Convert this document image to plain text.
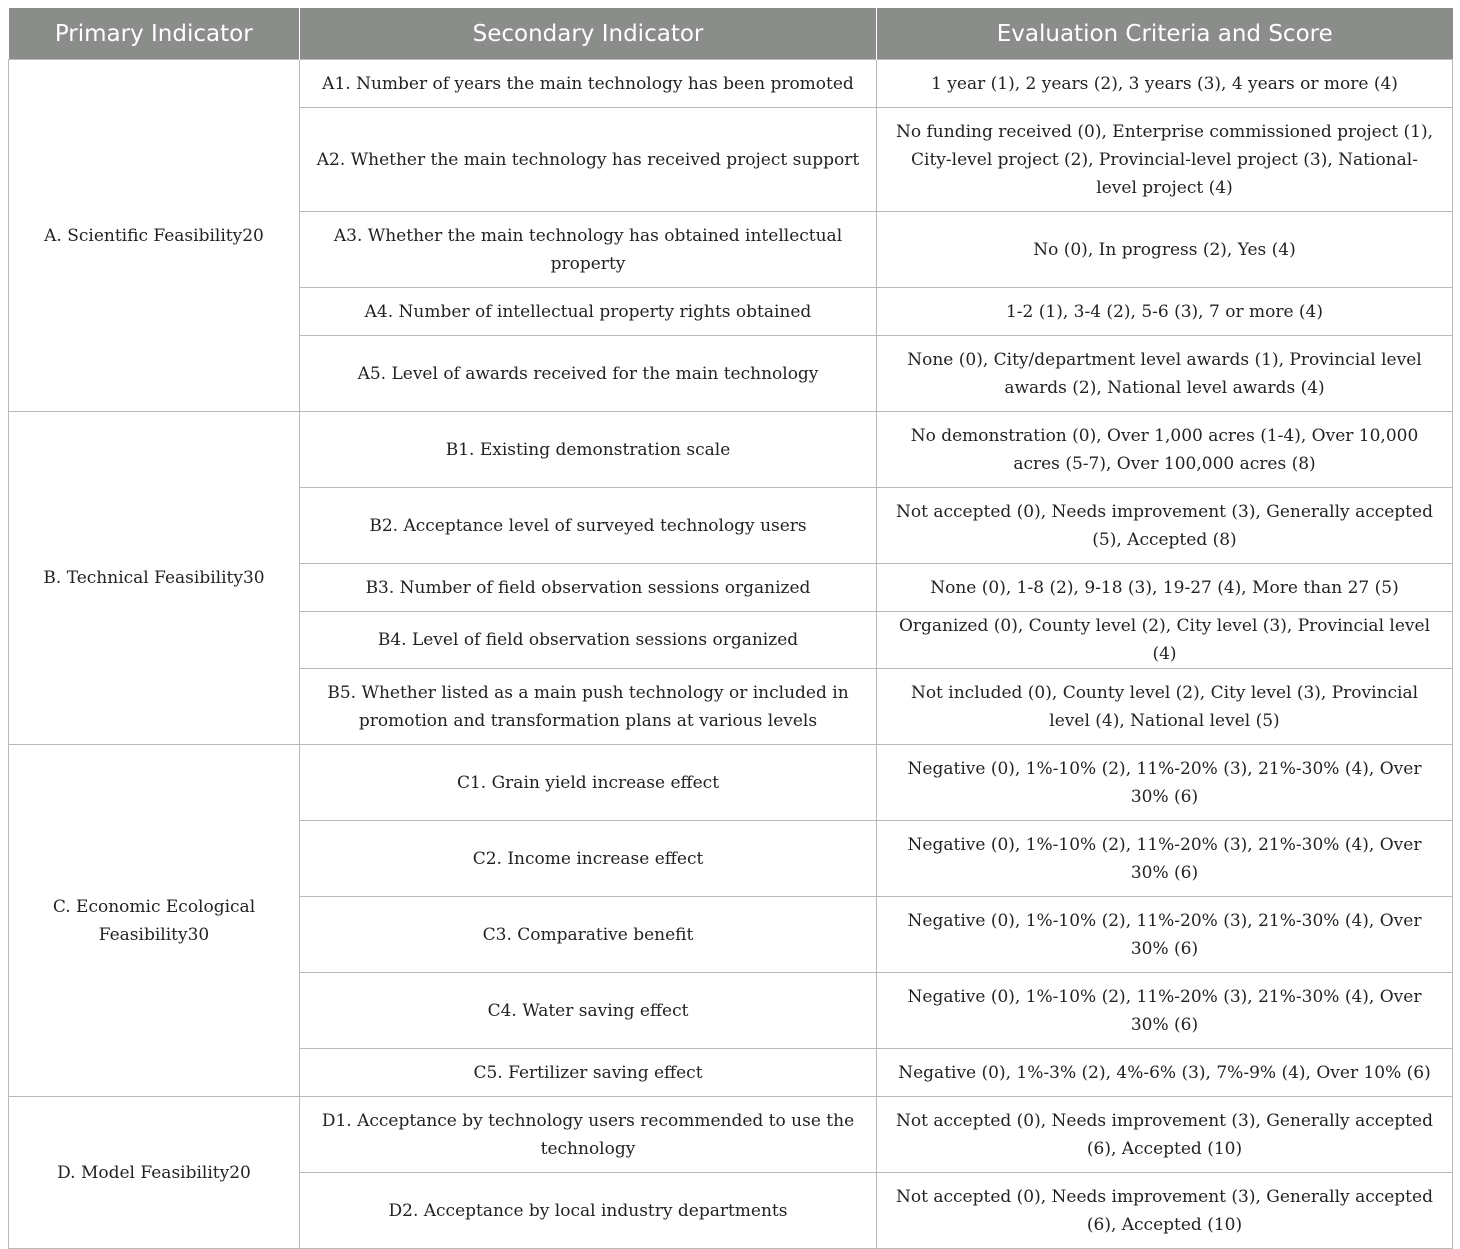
Primary Indicator	Secondary Indicator	Evaluation Criteria and Score
A. Scientific Feasibility20	A1. Number of years the main technology has been promoted	1 year (1), 2 years (2), 3 years (3), 4 years or more (4)
	A2. Whether the main technology has received project support	No funding received (0), Enterprise commissioned project (1), City-level project (2), Provincial-level project (3), National-level project (4)
	A3. Whether the main technology has obtained intellectual property	No (0), In progress (2), Yes (4)
	A4. Number of intellectual property rights obtained	1-2 (1), 3-4 (2), 5-6 (3), 7 or more (4)
	A5. Level of awards received for the main technology	None (0), City/department level awards (1), Provincial level awards (2), National level awards (4)
B. Technical Feasibility30	B1. Existing demonstration scale	No demonstration (0), Over 1,000 acres (1-4), Over 10,000 acres (5-7), Over 100,000 acres (8)
	B2. Acceptance level of surveyed technology users	Not accepted (0), Needs improvement (3), Generally accepted (5), Accepted (8)
	B3. Number of field observation sessions organized	None (0), 1-8 (2), 9-18 (3), 19-27 (4), More than 27 (5)
	B4. Level of field observation sessions organized	Organized (0), County level (2), City level (3), Provincial level (4)
	B5. Whether listed as a main push technology or included in promotion and transformation plans at various levels	Not included (0), County level (2), City level (3), Provincial level (4), National level (5)
C. Economic Ecological Feasibility30	C1. Grain yield increase effect	Negative (0), 1%-10% (2), 11%-20% (3), 21%-30% (4), Over 30% (6)
	C2. Income increase effect	Negative (0), 1%-10% (2), 11%-20% (3), 21%-30% (4), Over 30% (6)
	C3. Comparative benefit	Negative (0), 1%-10% (2), 11%-20% (3), 21%-30% (4), Over 30% (6)
	C4. Water saving effect	Negative (0), 1%-10% (2), 11%-20% (3), 21%-30% (4), Over 30% (6)
	C5. Fertilizer saving effect	Negative (0), 1%-3% (2), 4%-6% (3), 7%-9% (4), Over 10% (6)
D. Model Feasibility20	D1. Acceptance by technology users recommended to use the technology	Not accepted (0), Needs improvement (3), Generally accepted (6), Accepted (10)
	D2. Acceptance by local industry departments	Not accepted (0), Needs improvement (3), Generally accepted (6), Accepted (10)
